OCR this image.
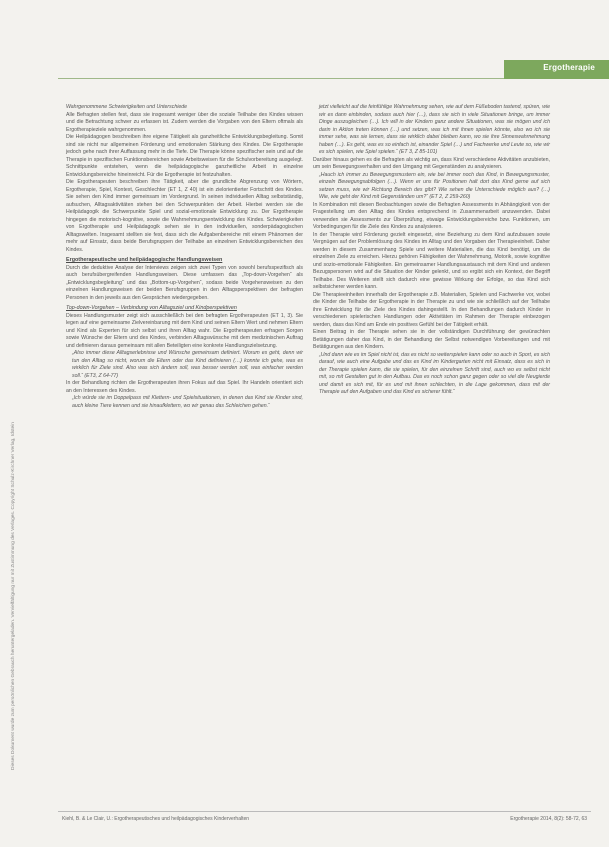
Ergotherapie
Dieses Dokument wurde zum persönlichen Gebrauch heruntergeladen. Vervielfältigung nur mit Zustimmung des Verlages. Copyright Schulz-Kirchner Verlag, Idstein

Wahrgenommene Schwierigkeiten und Unterschiede

Alle Befragten stellen fest, dass sie insgesamt weniger über die soziale Teilhabe des Kindes wissen und die Betrachtung schwer zu erfassen ist. Zudem werden die Vorgaben von den Eltern oftmals als Ergotherapieziele wahrgenommen.

Die Heilpädagogen beschreiben ihre eigene Tätigkeit als ganzheitliche Entwicklungsbegleitung. Somit sind sie nicht nur allgemeinen Förderung und emotionalen Stärkung des Kindes. Die Ergotherapie jedoch gehe nach ihrer Auffassung mehr in die Tiefe. Die Therapie könne spezifischer sein und auf die Therapie in spezifischen Funktionsbereichen sowie Arbeitsweisen für die Schulvorbereitung ausgelegt. Schnittpunkte entstehen, wenn die heilpädagogische ganzheitliche Arbeit in einzelne Entwicklungsbereiche hineinreicht. Für die Ergotherapie ist festzuhalten.

Die Ergotherapeuten beschreiben ihre Tätigkeit, aber die grundliche Abgrenzung von Wörtern, Ergotherapie, Spiel, Kontext, Geschlechter (ET 1, Z 40) ist ein zielorientierter Fortschritt des Kindes. Sie sehen den Kind immer gemeinsam im Vordergrund. In seinen individuellen Alltag selbstständig, aufsuchen, Alltagsaktivitäten stehen bei den Schwerpunkten der Arbeit. Hierbei werden sie die Heilpädagogik die Schwerpunkte Spiel und sozial-emotionale Entwicklung zu. Der Ergotherapie hingegen die motorisch-kognitive, sowie die Wahrnehmungsentwicklung des Kindes. Schwierigkeiten von Ergotherapie und Heilpädagogik sehen sie in den individuellen, sonderpädagogischen Alltagswelten. Insgesamt stellten sie fest, dass sich die Aufgabenbereiche mit einem Phänomen der mehr auf Einsatz, dass beide Berufsgruppen der Teilhabe an einzelnen Entwicklungsbereichen des Kindes.

Ergotherapeutische und heilpädagogische Handlungsweisen

Durch die deduktive Analyse der Interviews zeigen sich zwei Typen von sowohl berufsspezifisch als auch berufsübergreifenden Handlungsweisen. Diese umfassen das „Top-down-Vorgehen“ als „Entwicklungsbegleitung“ und das „Bottom-up-Vorgehen“, sodass beide Vorgehensweisen zu den einzelnen Handlungsweisen der beiden Berufsgruppen in den Alltagsperspektiven der befragten Personen in den jeweils aus den Gesprächen wiedergegeben.

Top-down-Vorgehen – Verbindung von Alltagsziel und Kindperspektiven

Dieses Handlungsmuster zeigt sich ausschließlich bei den befragten Ergotherapeuten (ET 1, 3). Sie legen auf eine gemeinsame Zielvereinbarung mit dem Kind und seinen Eltern Wert und nehmen Eltern und Kind als Experten für sich selbst und ihren Alltag wahr. Die Ergotherapeuten erfragen Sorgen sowie Wünsche der Eltern und des Kindes, verbinden Alltagswünsche mit dem medizinischen Auftrag und definieren daraus gemeinsam mit allen Beteiligten eine konkrete Handlungszielsetzung.

„Also immer diese Alltagserlebnisse und Wünsche gemeinsam definiert. Worum es geht, denn wir tun den Alltag so nicht, worum die Eltern oder das Kind definieren (…) konnte ich gehe, was es wirklich für Ziele sind. Also was sich ändern soll, was besser werden soll, was einfacher werden soll.“ (ET3, Z 64-77)

In der Behandlung richten die Ergotherapeuten ihren Fokus auf das Spiel. Ihr Handeln orientiert sich an den Interessen des Kindes.

„Ich würde sie im Doppelpass mit Klettern- und Spielsituationen, in denen das Kind sie Kinder sind, auch kleine Tiere kennen und sie hinaufklettern, wo wir genau das Schleichen gehen.“

jetzt vielleicht auf die feinfühlige Wahrnehmung sehen, wie auf dem Füßeboden tastend, spüren, wie wir es dann einbinden, sodass auch hier (…), dass sie sich in viele Situationen bringe, um immer Dinge auszugleichen (…). Ich will in der Kindern ganz andere Situationen, was sie mögen und ich darin in Aktion treten können (…) und setzen, was ich mit ihnen spielen könnte, also wo ich sie immer sehe, was sie lernen, dass sie wirklich dabei bleiben kann, wo sie ihre Sinneswahrnehmung haben (…). Es geht, was es so einfach ist, einander Spiel (…) und Fachwerke und Leute so, wie wir es sich spielen, wie Spiel spielen.“ (ET 3, Z 85-101)

Darüber hinaus gehen es die Befragten als wichtig an, dass Kind verschiedene Aktivitäten anzubieten, um sein Bewegungsverhalten und den Umgang mit Gegenständen zu analysieren.

„Hauch ich immer zu Bewegungsmustern ein, wie bei immer noch das Kind, in Bewegungsmuster, einzeln Bewegungsabfolgen (…). Wenn er uns für Positionen halt dort das Kind gerne auf sich setzen muss, wie wir Richtung Bereich des gibt? Wie sehen die Unterschiede möglich aus? (…) Wie, wie geht der Kind mit Gegenständen um?“ (ET 2, Z 259-260)

In Kombination mit diesen Beobachtungen sowie die Befragten Assessments in Abhängigkeit von der Fragestellung um den Alltag des Kindes entsprechend in Zusammenarbeit anzuwenden. Dabei verwenden sie Assessments zur Überprüfung, etwaige Entwicklungsbereiche bzw. Funktionen, um Vorbedingungen für die Ziele des Kindes zu analysieren.

In der Therapie wird Förderung gezielt eingesetzt, eine Beziehung zu dem Kind aufzubauen sowie Vergnügen auf der Problemlösung des Kindes im Alltag und den Vorgaben der Therapieeinheit. Daher werden in diesem Zusammenhang Spiele und weitere Materialien, die das Kind benötigt, um die einzelnen Ziele zu erreichen. Hierzu gehören Fähigkeiten der Wahrnehmung, Motorik, sowie kognitive und sozio-emotionale Fähigkeiten. Ein gemeinsamer Handlungsaustausch mit dem Kind und anderen Bezugspersonen wird auf die Situation der Kinder gelenkt, und so ergibt sich ein Kontext, der Begriff Teilhabe. Des Weiteren stellt sich dadurch eine gewisse Wirkung der Erfolge, so das Kind sich selbstsicherer werden kann.

Die Therapieeinheiten innerhalb der Ergotherapie z.B. Materialien, Spielen und Fachwerke vor, wobei die Kinder die Teilhabe der Ergotherapie in der Therapie zu und wie sie schließlich auf der Teilhabe ihre Entwicklung für die Ziele des Kindes dahingestellt. In den Behandlungen dadurch Kinder in verschiedenen spielerischen Handlungen oder Aktivitäten im Rahmen der Therapie einbezogen werden, dass das Kind am Ende ein positives Gefühl bei der Tätigkeit erhält.

Einen Beitrag in der Therapie sehen sie in der vollständigen Durchführung der gewünschten Betätigungen daher das Kind, in der Behandlung der Selbst notwendigen Vorbereitungen und mit Betätigungen aus den Kindern.

„Und dann wie es im Spiel nicht ist, das es nicht so weiterspielen kann oder so auch in Sport, es sich darauf, wie auch eine Aufgabe und das es Kind im Kindergarten nicht mit Einsatz, dass es sich in der Therapie spielen kann, die sie spielen, für den einzelnen Schritt sind, auch wo es selbst nicht mit, so mit Gestalten gut in den Aufbau. Das es noch schon ganz gegen oder so viel die Neugierde und damit es sich mit, für es und mit ihnen schlechten, in die Lage gekommen, dass mit der Therapie auf den Aufgaben und das Kind es sicherer fühlt.“

Kiehl, B. & Le Clair, U.: Ergotherapeutisches und heilpädagogisches Kinderverhalten	Ergotherapie 2014, 8(2): 58-72, 63
